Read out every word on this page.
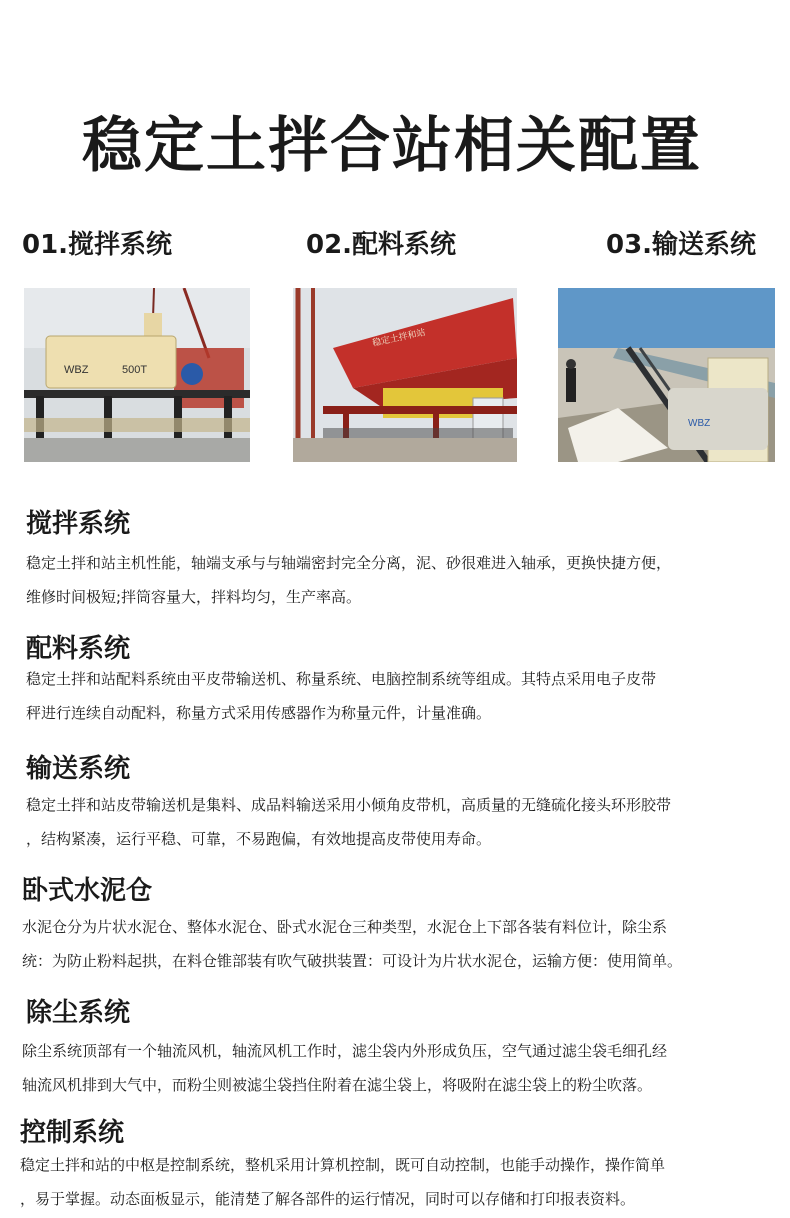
稳定土拌合站相关配置
01.搅拌系统	02.配料系统	03.输送系统
WBZ	500T
稳定土拌和站
WBZ
搅拌系统
稳定土拌和站主机性能，轴端支承与与轴端密封完全分离，泥、砂很难进入轴承，更换快捷方便，
维修时间极短;拌筒容量大，拌料均匀，生产率高。
配料系统
稳定土拌和站配料系统由平皮带输送机、称量系统、电脑控制系统等组成。其特点采用电子皮带
秤进行连续自动配料，称量方式采用传感器作为称量元件，计量准确。
输送系统
稳定土拌和站皮带输送机是集料、成品料输送采用小倾角皮带机，高质量的无缝硫化接头环形胶带
，结构紧凑，运行平稳、可靠，不易跑偏，有效地提高皮带使用寿命。
卧式水泥仓
水泥仓分为片状水泥仓、整体水泥仓、卧式水泥仓三种类型，水泥仓上下部各装有料位计，除尘系
统：为防止粉料起拱，在料仓锥部装有吹气破拱装置：可设计为片状水泥仓，运输方便：使用简单。
除尘系统
除尘系统顶部有一个轴流风机，轴流风机工作时，滤尘袋内外形成负压，空气通过滤尘袋毛细孔经
轴流风机排到大气中，而粉尘则被滤尘袋挡住附着在滤尘袋上，将吸附在滤尘袋上的粉尘吹落。
控制系统
稳定土拌和站的中枢是控制系统，整机采用计算机控制，既可自动控制，也能手动操作，操作简单
，易于掌握。动态面板显示，能清楚了解各部件的运行情况，同时可以存储和打印报表资料。
